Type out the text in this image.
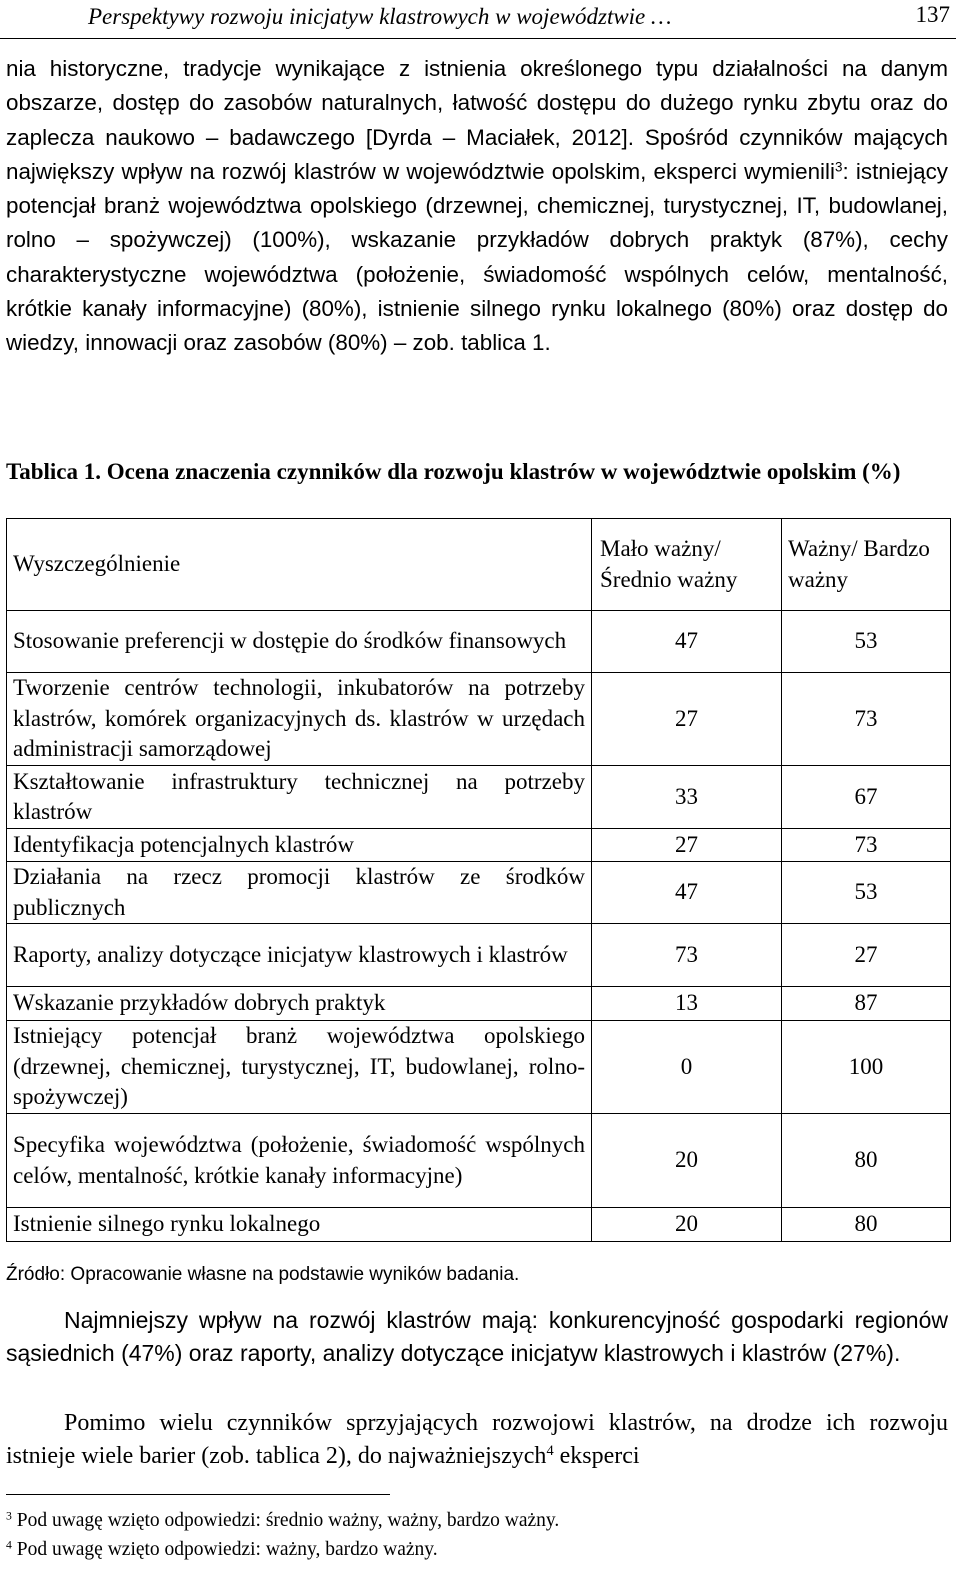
Perspektywy rozwoju inicjatyw klastrowych w województwie …	137
nia historyczne, tradycje wynikające z istnienia określonego typu działalności na danym obszarze, dostęp do zasobów naturalnych, łatwość dostępu do dużego rynku zbytu oraz do zaplecza naukowo – badawczego [Dyrda – Maciałek, 2012]. Spośród czynników mających największy wpływ na rozwój klastrów w województwie opolskim, eksperci wymienili$^3$: istniejący potencjał branż województwa opolskiego (drzewnej, chemicznej, turystycznej, IT, budowlanej, rolno – spożywczej) (100%), wskazanie przykładów dobrych praktyk (87%), cechy charakterystyczne województwa (położenie, świadomość wspólnych celów, mentalność, krótkie kanały informacyjne) (80%), istnienie silnego rynku lokalnego (80%) oraz dostęp do wiedzy, innowacji oraz zasobów (80%) – zob. tablica 1.
Tablica 1. Ocena znaczenia czynników dla rozwoju klastrów w województwie opolskim (%)
Wyszczególnienie	Mało ważny/ Średnio ważny	Ważny/ Bardzo ważny
Stosowanie preferencji w dostępie do środków finansowych	47	53
Tworzenie centrów technologii, inkubatorów na potrzeby klastrów, komórek organizacyjnych ds. klastrów w urzędach administracji samorządowej	27	73
Kształtowanie infrastruktury technicznej na potrzeby klastrów	33	67
Identyfikacja potencjalnych klastrów	27	73
Działania na rzecz promocji klastrów ze środków publicznych	47	53
Raporty, analizy dotyczące inicjatyw klastrowych i klastrów	73	27
Wskazanie przykładów dobrych praktyk	13	87
Istniejący potencjał branż województwa opolskiego (drzewnej, chemicznej, turystycznej, IT, budowlanej, rolno-spożywczej)	0	100
Specyfika województwa (położenie, świadomość wspólnych celów, mentalność, krótkie kanały informacyjne)	20	80
Istnienie silnego rynku lokalnego	20	80
Źródło: Opracowanie własne na podstawie wyników badania.

Najmniejszy wpływ na rozwój klastrów mają: konkurencyjność gospodarki regionów sąsiednich (47%) oraz raporty, analizy dotyczące inicjatyw klastrowych i klastrów (27%).

Pomimo wielu czynników sprzyjających rozwojowi klastrów, na drodze ich rozwoju istnieje wiele barier (zob. tablica 2), do najważniejszych$^4$ eksperci

$^3$ Pod uwagę wzięto odpowiedzi: średnio ważny, ważny, bardzo ważny.
$^4$ Pod uwagę wzięto odpowiedzi: ważny, bardzo ważny.
